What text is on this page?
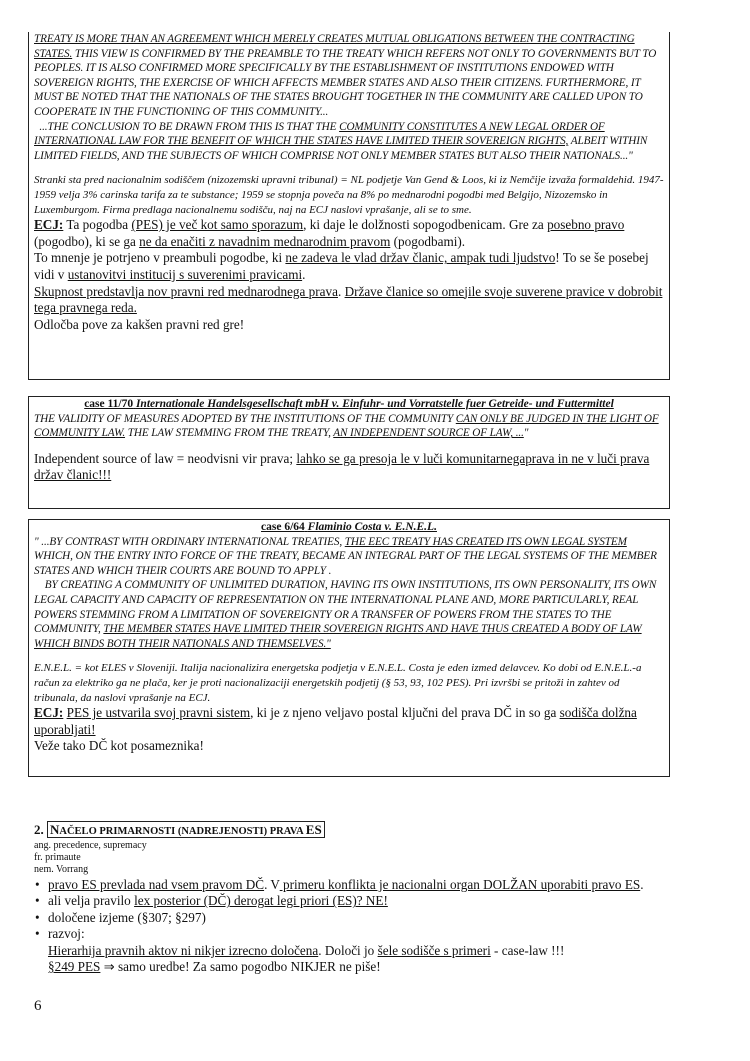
TREATY IS MORE THAN AN AGREEMENT WHICH MERELY CREATES MUTUAL OBLIGATIONS BETWEEN THE CONTRACTING STATES. THIS VIEW IS CONFIRMED BY THE PREAMBLE TO THE TREATY WHICH REFERS NOT ONLY TO GOVERNMENTS BUT TO PEOPLES. IT IS ALSO CONFIRMED MORE SPECIFICALLY BY THE ESTABLISHMENT OF INSTITUTIONS ENDOWED WITH SOVEREIGN RIGHTS, THE EXERCISE OF WHICH AFFECTS MEMBER STATES AND ALSO THEIR CITIZENS. FURTHERMORE, IT MUST BE NOTED THAT THE NATIONALS OF THE STATES BROUGHT TOGETHER IN THE COMMUNITY ARE CALLED UPON TO COOPERATE IN THE FUNCTIONING OF THIS COMMUNITY...
...THE CONCLUSION TO BE DRAWN FROM THIS IS THAT THE COMMUNITY CONSTITUTES A NEW LEGAL ORDER OF INTERNATIONAL LAW FOR THE BENEFIT OF WHICH THE STATES HAVE LIMITED THEIR SOVEREIGN RIGHTS, ALBEIT WITHIN LIMITED FIELDS, AND THE SUBJECTS OF WHICH COMPRISE NOT ONLY MEMBER STATES BUT ALSO THEIR NATIONALS..."
Stranki sta pred nacionalnim sodiščem (nizozemski upravni tribunal) = NL podjetje Van Gend & Loos, ki iz Nemčije izvaža formaldehid. 1947-1959 velja 3% carinska tarifa za te substance; 1959 se stopnja poveča na 8% po mednarodni pogodbi med Belgijo, Nizozemsko in Luxemburgom. Firma predlaga nacionalnemu sodišču, naj na ECJ naslovi vprašanje, ali se to sme.
ECJ: Ta pogodba (PES) je več kot samo sporazum, ki daje le dolžnosti sopogodbenicam. Gre za posebno pravo (pogodbo), ki se ga ne da enačiti z navadnim mednarodnim pravom (pogodbami).
To mnenje je potrjeno v preambuli pogodbe, ki ne zadeva le vlad držav članic, ampak tudi ljudstvo! To se še posebej vidi v ustanovitvi institucij s suverenimi pravicami.
Skupnost predstavlja nov pravni red mednarodnega prava. Države članice so omejile svoje suverene pravice v dobrobit tega pravnega reda.
Odločba pove za kakšen pravni red gre!
case 11/70 Internationale Handelsgesellschaft mbH v. Einfuhr- und Vorratstelle fuer Getreide- und Futtermittel
THE VALIDITY OF MEASURES ADOPTED BY THE INSTITUTIONS OF THE COMMUNITY CAN ONLY BE JUDGED IN THE LIGHT OF COMMUNITY LAW. THE LAW STEMMING FROM THE TREATY, AN INDEPENDENT SOURCE OF LAW, ..."
Independent source of law = neodvisni vir prava; lahko se ga presoja le v luči komunitarnegaprava in ne v luči prava držav članic!!!
case 6/64 Flaminio Costa v. E.N.E.L.
" ...BY CONTRAST WITH ORDINARY INTERNATIONAL TREATIES, THE EEC TREATY HAS CREATED ITS OWN LEGAL SYSTEM WHICH, ON THE ENTRY INTO FORCE OF THE TREATY, BECAME AN INTEGRAL PART OF THE LEGAL SYSTEMS OF THE MEMBER STATES AND WHICH THEIR COURTS ARE BOUND TO APPLY .
BY CREATING A COMMUNITY OF UNLIMITED DURATION, HAVING ITS OWN INSTITUTIONS, ITS OWN PERSONALITY, ITS OWN LEGAL CAPACITY AND CAPACITY OF REPRESENTATION ON THE INTERNATIONAL PLANE AND, MORE PARTICULARLY, REAL POWERS STEMMING FROM A LIMITATION OF SOVEREIGNTY OR A TRANSFER OF POWERS FROM THE STATES TO THE COMMUNITY, THE MEMBER STATES HAVE LIMITED THEIR SOVEREIGN RIGHTS AND HAVE THUS CREATED A BODY OF LAW WHICH BINDS BOTH THEIR NATIONALS AND THEMSELVES."
E.N.E.L. = kot ELES v Sloveniji. Italija nacionalizira energetska podjetja v E.N.E.L. Costa je eden izmed delavcev. Ko dobi od E.N.E.L.-a račun za elektriko ga ne plača, ker je proti nacionalizaciji energetskih podjetij (§ 53, 93, 102 PES). Pri izvršbi se pritoži in zahtev od tribunala, da naslovi vprašanje na ECJ.
ECJ: PES je ustvarila svoj pravni sistem, ki je z njeno veljavo postal ključni del prava DČ in so ga sodišča dolžna uporabljati!
Veže tako DČ kot posameznika!
2. NAČELO PRIMARNOSTI (NADREJENOSTI) PRAVA ES
ang. precedence, supremacy
fr. primaute
nem. Vorrang
• pravo ES prevlada nad vsem pravom DČ. V primeru konflikta je nacionalni organ DOLŽAN uporabiti pravo ES.
• ali velja pravilo lex posterior (DČ) derogat legi priori (ES)? NE!
• določene izjeme (§307; §297)
• razvoj:
Hierarhija pravnih aktov ni nikjer izrecno določena. Določi jo šele sodišče s primeri - case-law !!!
§249 PES ⇒ samo uredbe! Za samo pogodbo NIKJER ne piše!
6
